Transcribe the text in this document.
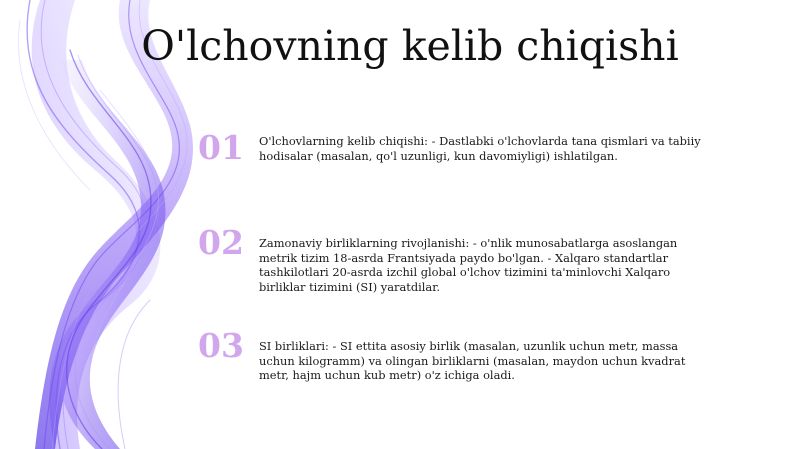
O'lchovning kelib chiqishi
01	O'lchovlarning kelib chiqishi: - Dastlabki o'lchovlarda tana qismlari va tabiiy hodisalar (masalan, qo'l uzunligi, kun davomiyligi) ishlatilgan.
02	Zamonaviy birliklarning rivojlanishi: - o'nlik munosabatlarga asoslangan metrik tizim 18-asrda Frantsiyada paydo bo'lgan. - Xalqaro standartlar tashkilotlari 20-asrda izchil global o'lchov tizimini ta'minlovchi Xalqaro birliklar tizimini (SI) yaratdilar.
03	SI birliklari: - SI ettita asosiy birlik (masalan, uzunlik uchun metr, massa uchun kilogramm) va olingan birliklarni (masalan, maydon uchun kvadrat metr, hajm uchun kub metr) o'z ichiga oladi.
